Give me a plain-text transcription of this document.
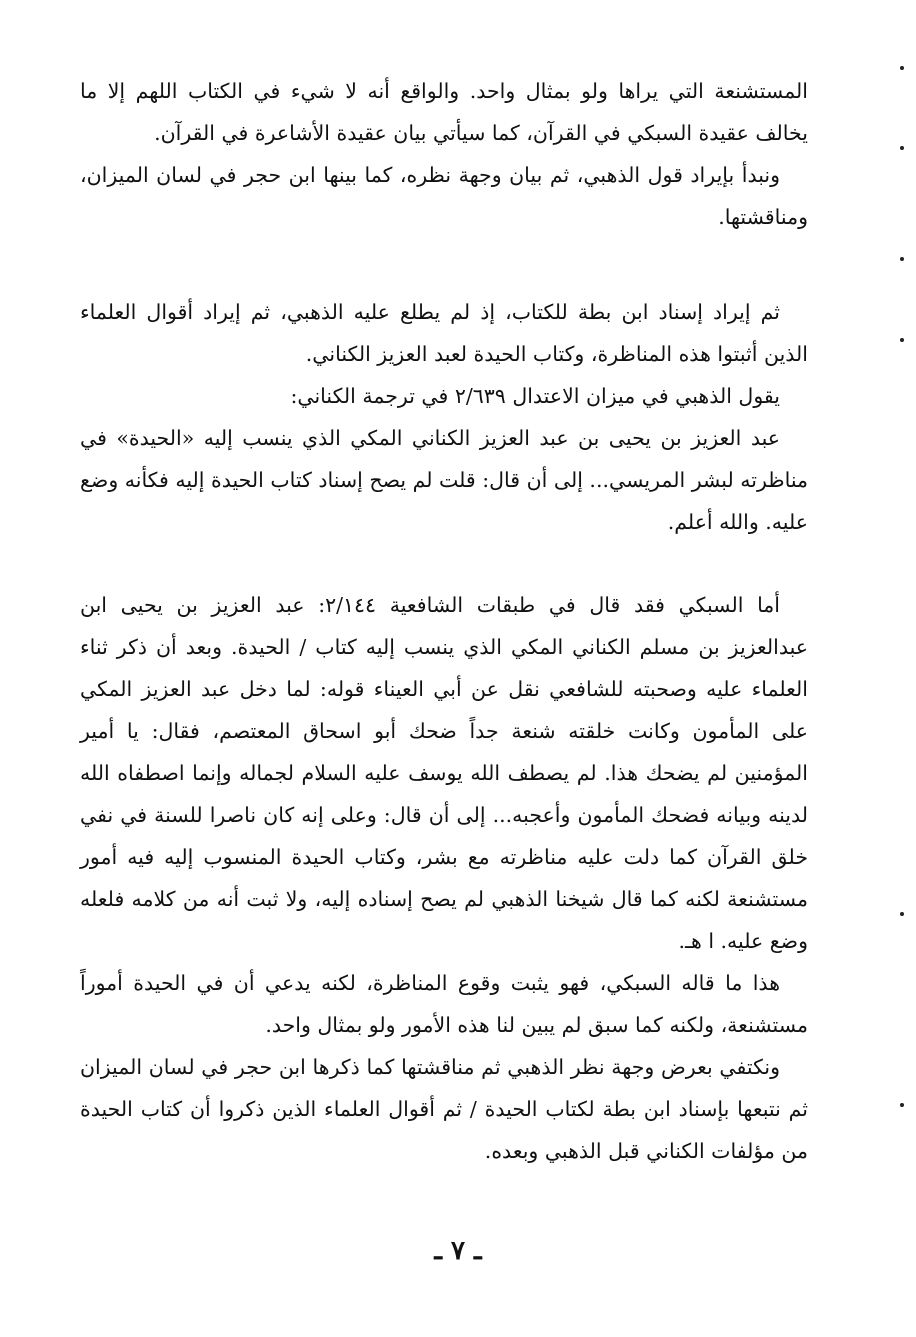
المستشنعة التي يراها ولو بمثال واحد. والواقع أنه لا شيء في الكتاب اللهم إلا ما يخالف عقيدة السبكي في القرآن، كما سيأتي بيان عقيدة الأشاعرة في القرآن.

ونبدأ بإيراد قول الذهبي، ثم بيان وجهة نظره، كما بينها ابن حجر في لسان الميزان، ومناقشتها.

ثم إيراد إسناد ابن بطة للكتاب، إذ لم يطلع عليه الذهبي، ثم إيراد أقوال العلماء الذين أثبتوا هذه المناظرة، وكتاب الحيدة لعبد العزيز الكناني.

يقول الذهبي في ميزان الاعتدال ٢/٦٣٩ في ترجمة الكناني:

عبد العزيز بن يحيى بن عبد العزيز الكناني المكي الذي ينسب إليه «الحيدة» في مناظرته لبشر المريسي... إلى أن قال: قلت لم يصح إسناد كتاب الحيدة إليه فكأنه وضع عليه. والله أعلم.

أما السبكي فقد قال في طبقات الشافعية ٢/١٤٤: عبد العزيز بن يحيى ابن عبدالعزيز بن مسلم الكناني المكي الذي ينسب إليه كتاب / الحيدة. وبعد أن ذكر ثناء العلماء عليه وصحبته للشافعي نقل عن أبي العيناء قوله: لما دخل عبد العزيز المكي على المأمون وكانت خلقته شنعة جداً ضحك أبو اسحاق المعتصم، فقال: يا أمير المؤمنين لم يضحك هذا. لم يصطف الله يوسف عليه السلام لجماله وإنما اصطفاه الله لدينه وبيانه فضحك المأمون وأعجبه... إلى أن قال: وعلى إنه كان ناصرا للسنة في نفي خلق القرآن كما دلت عليه مناظرته مع بشر، وكتاب الحيدة المنسوب إليه فيه أمور مستشنعة لكنه كما قال شيخنا الذهبي لم يصح إسناده إليه، ولا ثبت أنه من كلامه فلعله وضع عليه. ا هـ.

هذا ما قاله السبكي، فهو يثبت وقوع المناظرة، لكنه يدعي أن في الحيدة أموراً مستشنعة، ولكنه كما سبق لم يبين لنا هذه الأمور ولو بمثال واحد.

ونكتفي بعرض وجهة نظر الذهبي ثم مناقشتها كما ذكرها ابن حجر في لسان الميزان ثم نتبعها بإسناد ابن بطة لكتاب الحيدة / ثم أقوال العلماء الذين ذكروا أن كتاب الحيدة من مؤلفات الكناني قبل الذهبي وبعده.

ـ ٧ ـ
